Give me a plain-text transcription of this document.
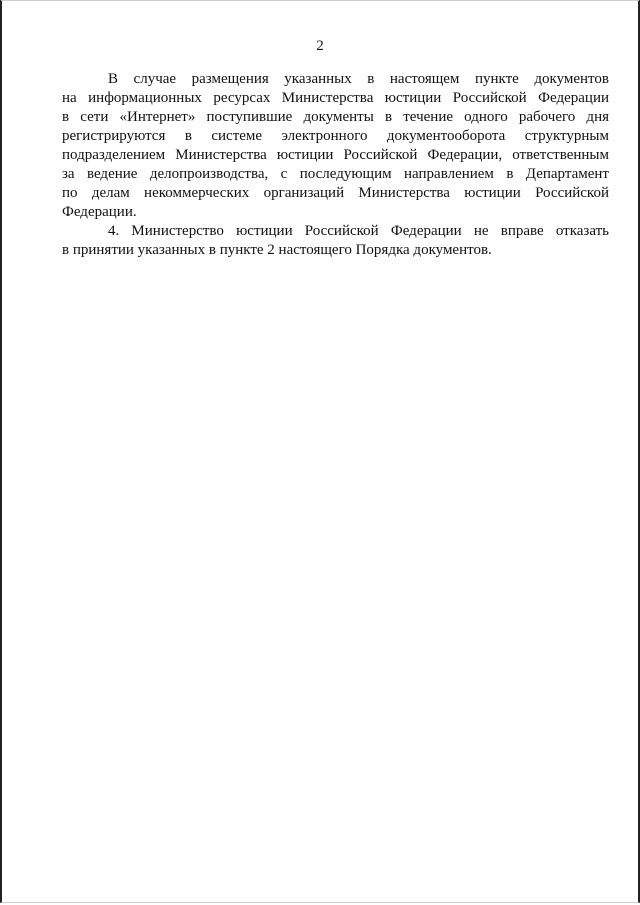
2
В случае размещения указанных в настоящем пункте документов
на информационных ресурсах Министерства юстиции Российской Федерации
в сети «Интернет» поступившие документы в течение одного рабочего дня
регистрируются в системе электронного документооборота структурным
подразделением Министерства юстиции Российской Федерации, ответственным
за ведение делопроизводства, с последующим направлением в Департамент
по делам некоммерческих организаций Министерства юстиции Российской
Федерации.
4. Министерство юстиции Российской Федерации не вправе отказать
в принятии указанных в пункте 2 настоящего Порядка документов.
